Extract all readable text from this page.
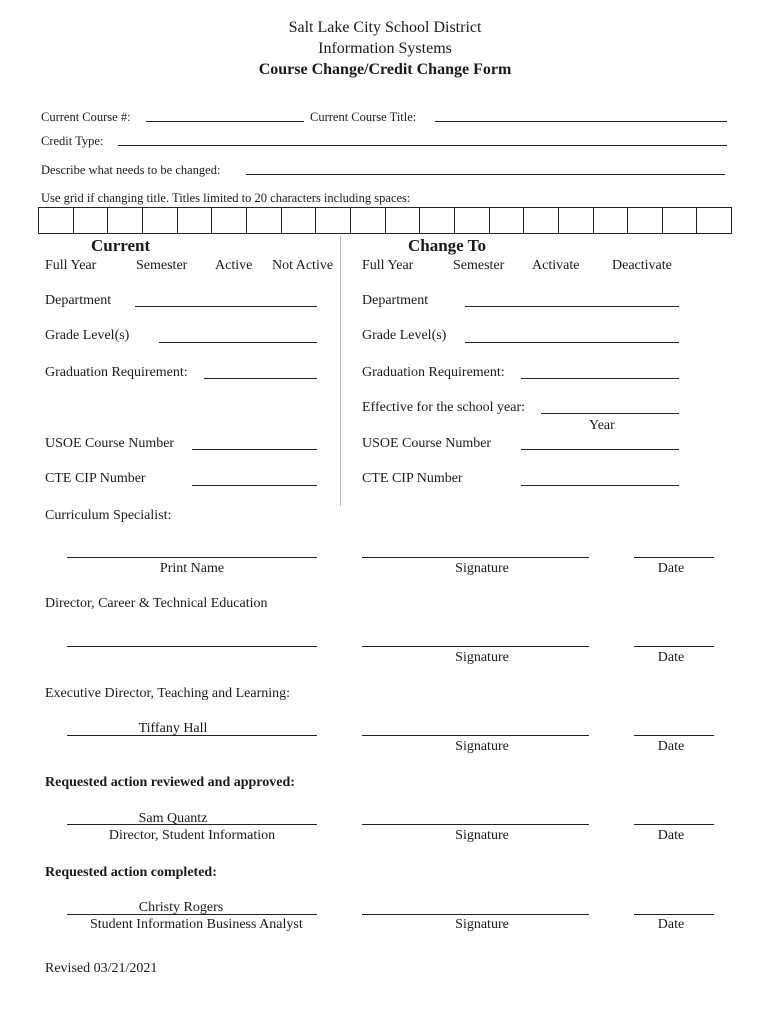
Salt Lake City School District
Information Systems
Course Change/Credit Change Form
Current Course #:	Current Course Title:
Credit Type:
Describe what needs to be changed:
Use grid if changing title. Titles limited to 20 characters including spaces:
Current
Full Year	Semester Active Not Active
Department
Grade Level(s)
Graduation Requirement:
USOE Course Number
CTE CIP Number
Change To
Full Year	Semester Activate Deactivate
Department
Grade Level(s)
Graduation Requirement:
Effective for the school year:
Year
USOE Course Number
CTE CIP Number
Curriculum Specialist:
Print Name	Signature	Date
Director, Career & Technical Education
Signature	Date
Executive Director, Teaching and Learning:
Tiffany Hall
Signature	Date
Requested action reviewed and approved:
Sam Quantz
Director, Student Information	Signature	Date
Requested action completed:
Christy Rogers
Student Information Business Analyst	Signature	Date
Revised 03/21/2021
